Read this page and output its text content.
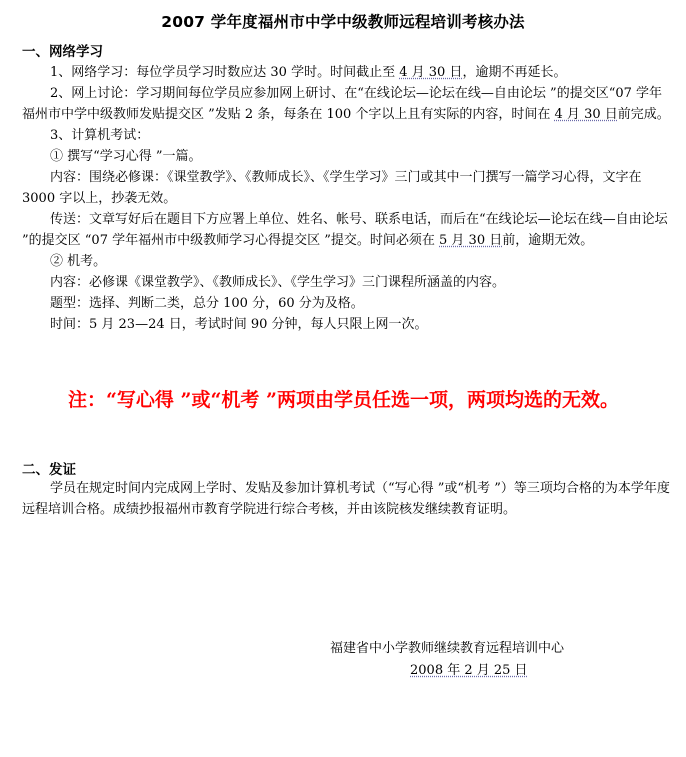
2007 学年度福州市中学中级教师远程培训考核办法
一、网络学习

1、网络学习：每位学员学习时数应达 30 学时。时间截止至 4 月 30 日，逾期不再延长。

2、网上讨论：学习期间每位学员应参加网上研讨、在“在线论坛—论坛在线—自由论坛 ”的提交区“07 学年福州市中学中级教师发贴提交区 ”发贴 2 条，每条在 100 个字以上且有实际的内容，时间在 4 月 30 日前完成。

3、计算机考试：

① 撰写“学习心得 ”一篇。

内容：围绕必修课：《课堂教学》、《教师成长》、《学生学习》三门或其中一门撰写一篇学习心得，文字在 3000 字以上，抄袭无效。

传送：文章写好后在题目下方应署上单位、姓名、帐号、联系电话，而后在“在线论坛—论坛在线—自由论坛 ”的提交区 “07 学年福州市中级教师学习心得提交区 ”提交。时间必须在 5 月 30 日前，逾期无效。

② 机考。

内容：必修课《课堂教学》、《教师成长》、《学生学习》三门课程所涵盖的内容。

题型：选择、判断二类，总分 100 分，60 分为及格。

时间：5 月 23—24 日，考试时间 90 分钟，每人只限上网一次。

注：“写心得 ”或“机考 ”两项由学员任选一项，两项均选的无效。
二、发证

学员在规定时间内完成网上学时、发贴及参加计算机考试（“写心得 ”或“机考 ”）等三项均合格的为本学年度远程培训合格。成绩抄报福州市教育学院进行综合考核，并由该院核发继续教育证明。

福建省中小学教师继续教育远程培训中心
2008 年 2 月 25 日
